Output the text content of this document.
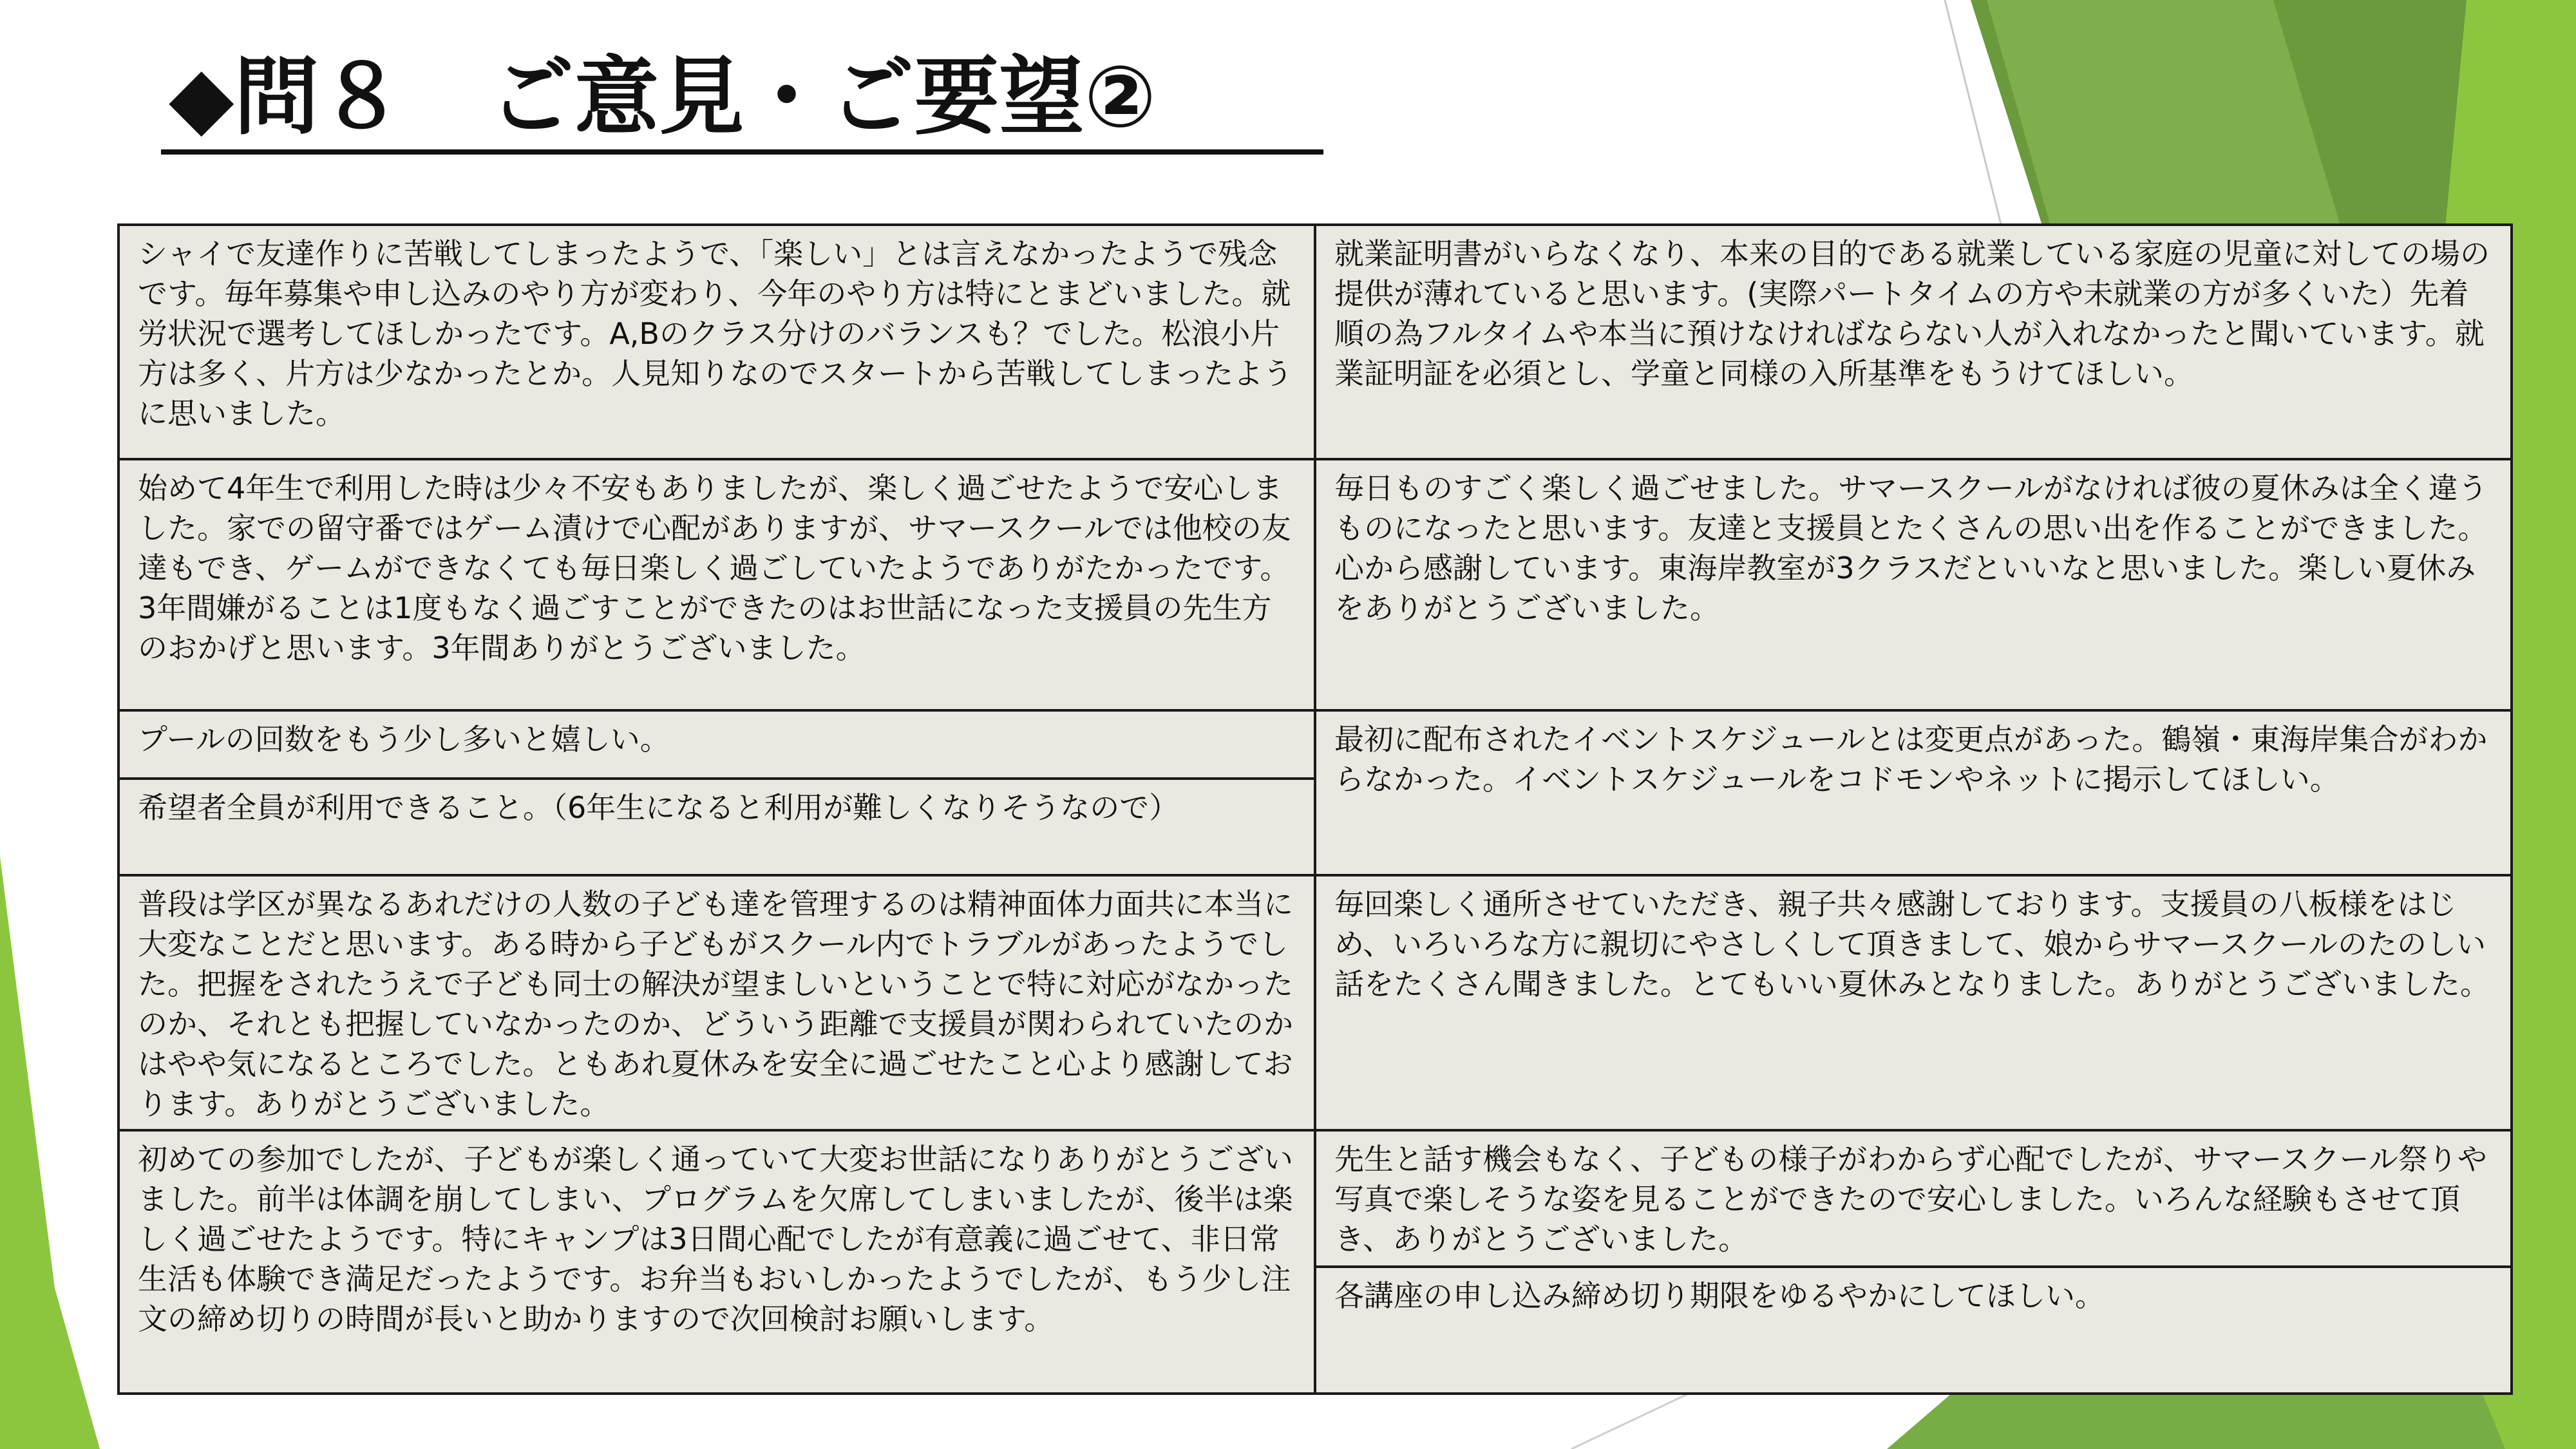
◆問８　ご意見・ご要望②
シャイで友達作りに苦戦してしまったようで、「楽しい」とは言えなかったようで残念です。毎年募集や申し込みのやり方が変わり、今年のやり方は特にとまどいました。就労状況で選考してほしかったです。A,Bのクラス分けのバランスも？でした。松浪小片方は多く、片方は少なかったとか。人見知りなのでスタートから苦戦してしまったように思いました。	就業証明書がいらなくなり、本来の目的である就業している家庭の児童に対しての場の提供が薄れていると思います。(実際パートタイムの方や未就業の方が多くいた）先着順の為フルタイムや本当に預けなければならない人が入れなかったと聞いています。就業証明証を必須とし、学童と同様の入所基準をもうけてほしい。
始めて4年生で利用した時は少々不安もありましたが、楽しく過ごせたようで安心しました。家での留守番ではゲーム漬けで心配がありますが、サマースクールでは他校の友達もでき、ゲームができなくても毎日楽しく過ごしていたようでありがたかったです。3年間嫌がることは1度もなく過ごすことができたのはお世話になった支援員の先生方のおかげと思います。3年間ありがとうございました。	毎日ものすごく楽しく過ごせました。サマースクールがなければ彼の夏休みは全く違うものになったと思います。友達と支援員とたくさんの思い出を作ることができました。心から感謝しています。東海岸教室が3クラスだといいなと思いました。楽しい夏休みをありがとうございました。
プールの回数をもう少し多いと嬉しい。	最初に配布されたイベントスケジュールとは変更点があった。鶴嶺・東海岸集合がわからなかった。イベントスケジュールをコドモンやネットに掲示してほしい。
希望者全員が利用できること。（6年生になると利用が難しくなりそうなので）	
普段は学区が異なるあれだけの人数の子ども達を管理するのは精神面体力面共に本当に大変なことだと思います。ある時から子どもがスクール内でトラブルがあったようでした。把握をされたうえで子ども同士の解決が望ましいということで特に対応がなかったのか、それとも把握していなかったのか、どういう距離で支援員が関わられていたのかはやや気になるところでした。ともあれ夏休みを安全に過ごせたこと心より感謝しております。ありがとうございました。	毎回楽しく通所させていただき、親子共々感謝しております。支援員の八板様をはじめ、いろいろな方に親切にやさしくして頂きまして、娘からサマースクールのたのしい話をたくさん聞きました。とてもいい夏休みとなりました。ありがとうございました。
初めての参加でしたが、子どもが楽しく通っていて大変お世話になりありがとうございました。前半は体調を崩してしまい、プログラムを欠席してしまいましたが、後半は楽しく過ごせたようです。特にキャンプは3日間心配でしたが有意義に過ごせて、非日常生活も体験でき満足だったようです。お弁当もおいしかったようでしたが、もう少し注文の締め切りの時間が長いと助かりますので次回検討お願いします。	先生と話す機会もなく、子どもの様子がわからず心配でしたが、サマースクール祭りや写真で楽しそうな姿を見ることができたので安心しました。いろんな経験もさせて頂き、ありがとうございました。
	各講座の申し込み締め切り期限をゆるやかにしてほしい。
